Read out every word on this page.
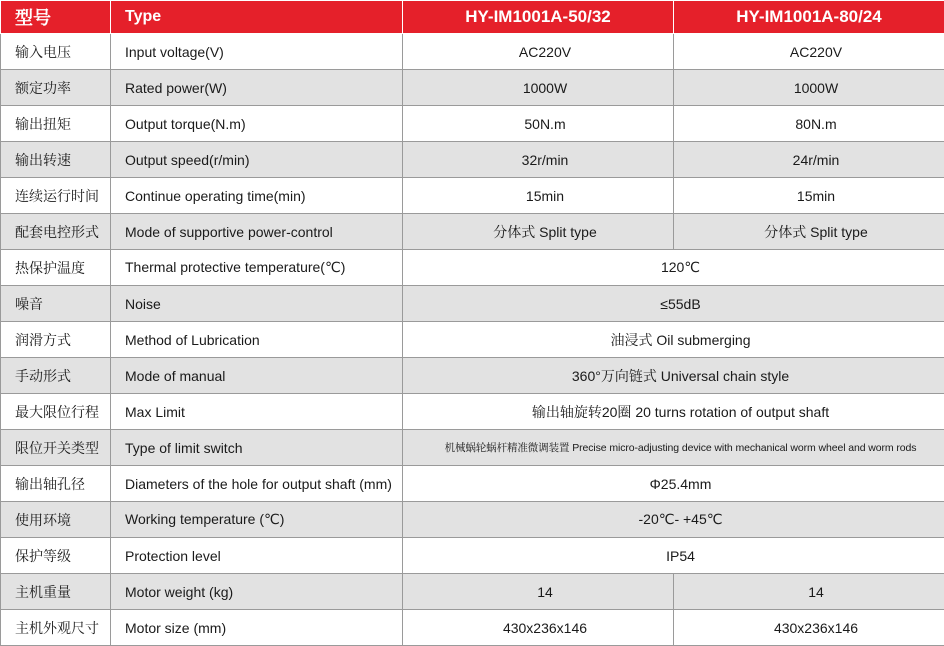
型号	Type	HY-IM1001A-50/32	HY-IM1001A-80/24
输入电压	Input voltage(V)	AC220V	AC220V
额定功率	Rated power(W)	1000W	1000W
输出扭矩	Output torque(N.m)	50N.m	80N.m
输出转速	Output speed(r/min)	32r/min	24r/min
连续运行时间	Continue operating time(min)	15min	15min
配套电控形式	Mode of supportive power-control	分体式 Split type	分体式 Split type
热保护温度	Thermal protective temperature(℃)	120℃	
噪音	Noise	≤55dB	
润滑方式	Method of Lubrication	油浸式 Oil submerging	
手动形式	Mode of manual	360°万向链式 Universal chain style	
最大限位行程	Max Limit	输出轴旋转20圈 20 turns rotation of output shaft	
限位开关类型	Type of limit switch	机械蜗轮蜗杆精准微调装置 Precise micro-adjusting device with mechanical worm wheel and worm rods	
输出轴孔径	Diameters of the hole for output shaft (mm)	Φ25.4mm	
使用环境	Working temperature (℃)	-20℃- +45℃	
保护等级	Protection level	IP54	
主机重量	Motor weight (kg)	14	14
主机外观尺寸	Motor size (mm)	430x236x146	430x236x146
